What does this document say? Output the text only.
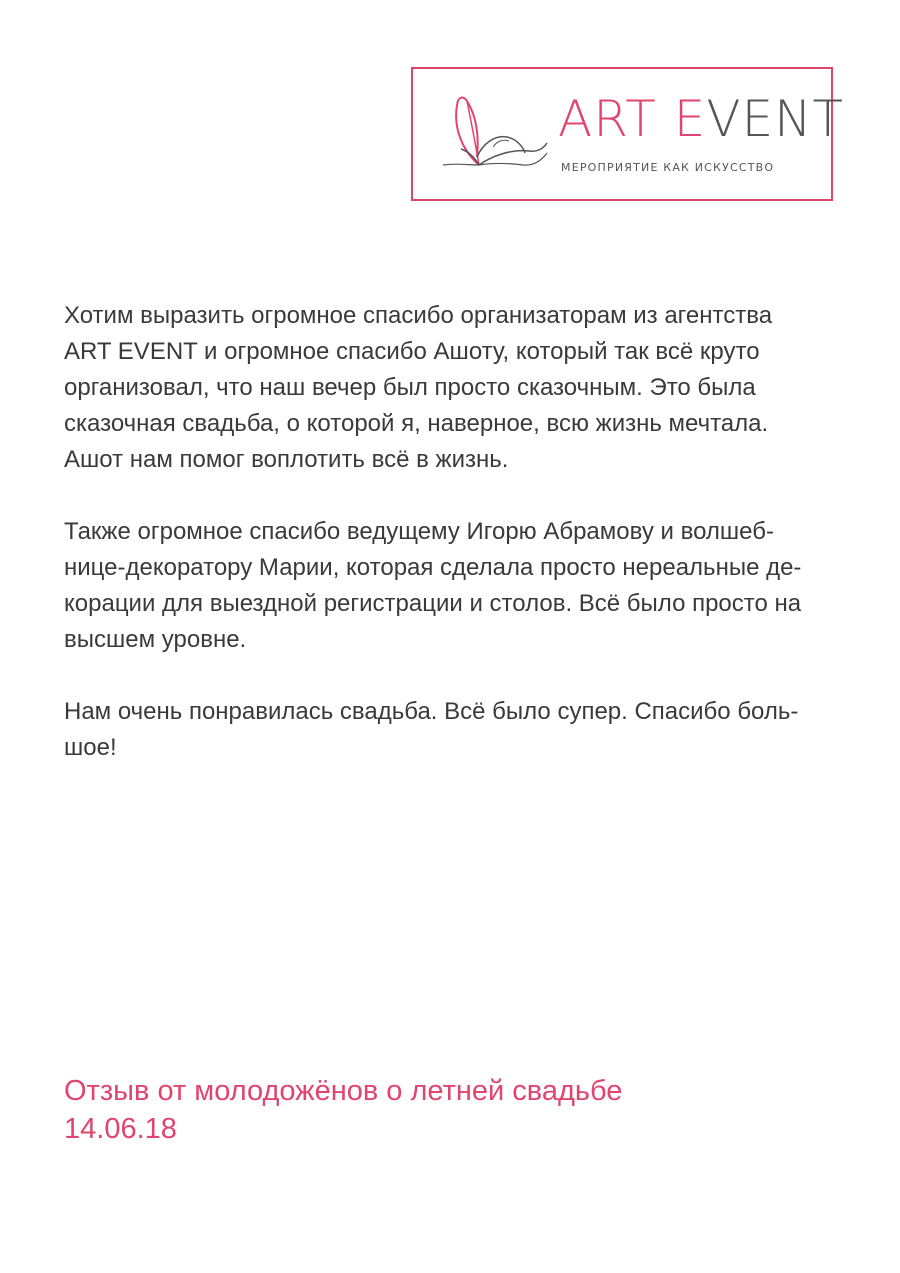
ART EVENT
МЕРОПРИЯТИЕ КАК ИСКУССТВО

Хотим выразить огромное спасибо организаторам из агентства
ART EVENT и огромное спасибо Ашоту, который так всё круто
организовал, что наш вечер был просто сказочным. Это была
сказочная свадьба, о которой я, наверное, всю жизнь мечтала.
Ашот нам помог воплотить всё в жизнь.

Также огромное спасибо ведущему Игорю Абрамову и волшеб-
нице-декоратору Марии, которая сделала просто нереальные де-
корации для выездной регистрации и столов. Всё было просто на
высшем уровне.

Нам очень понравилась свадьба. Всё было супер. Спасибо боль-
шое!

Отзыв от молодожёнов о летней свадьбе
14.06.18
